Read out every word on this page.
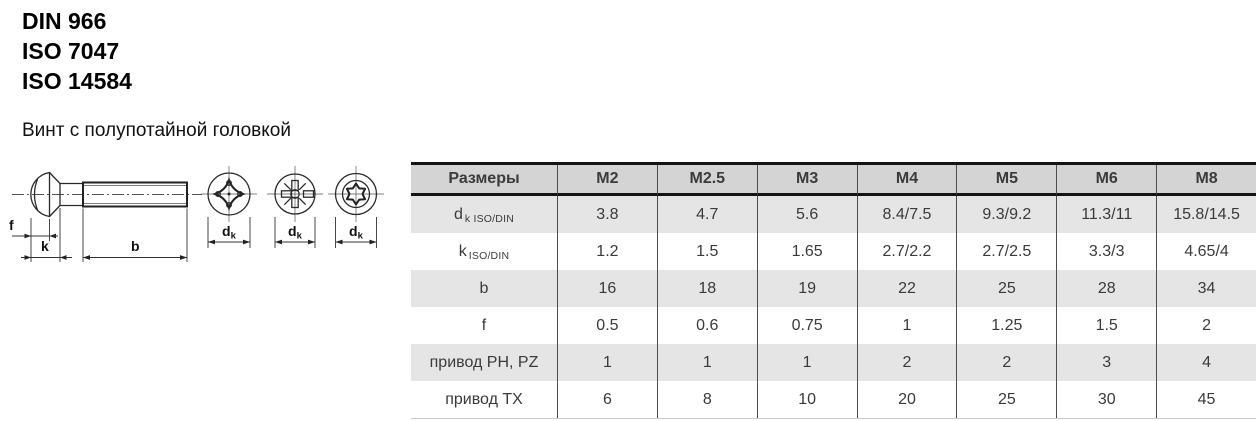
DIN 966
ISO 7047
ISO 14584
Винт с полупотайной головкой
f
k	b
dk	dk	dk
Размеры	M2	M2.5	M3	M4	M5	M6	M8
d k ISO/DIN	3.8	4.7	5.6	8.4/7.5	9.3/9.2	11.3/11	15.8/14.5
k ISO/DIN	1.2	1.5	1.65	2.7/2.2	2.7/2.5	3.3/3	4.65/4
b	16	18	19	22	25	28	34
f	0.5	0.6	0.75	1	1.25	1.5	2
привод PH, PZ	1	1	1	2	2	3	4
привод TX	6	8	10	20	25	30	45
